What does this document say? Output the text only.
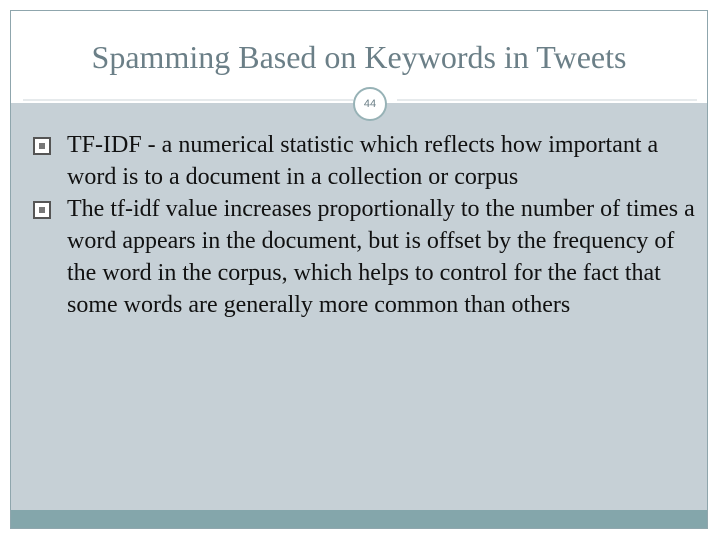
Spamming Based on Keywords in Tweets
44
TF-IDF - a numerical statistic which reflects how important a word is to a document in a collection or corpus
The tf-idf value increases proportionally to the number of times a word appears in the document, but is offset by the frequency of the word in the corpus, which helps to control for the fact that some words are generally more common than others
